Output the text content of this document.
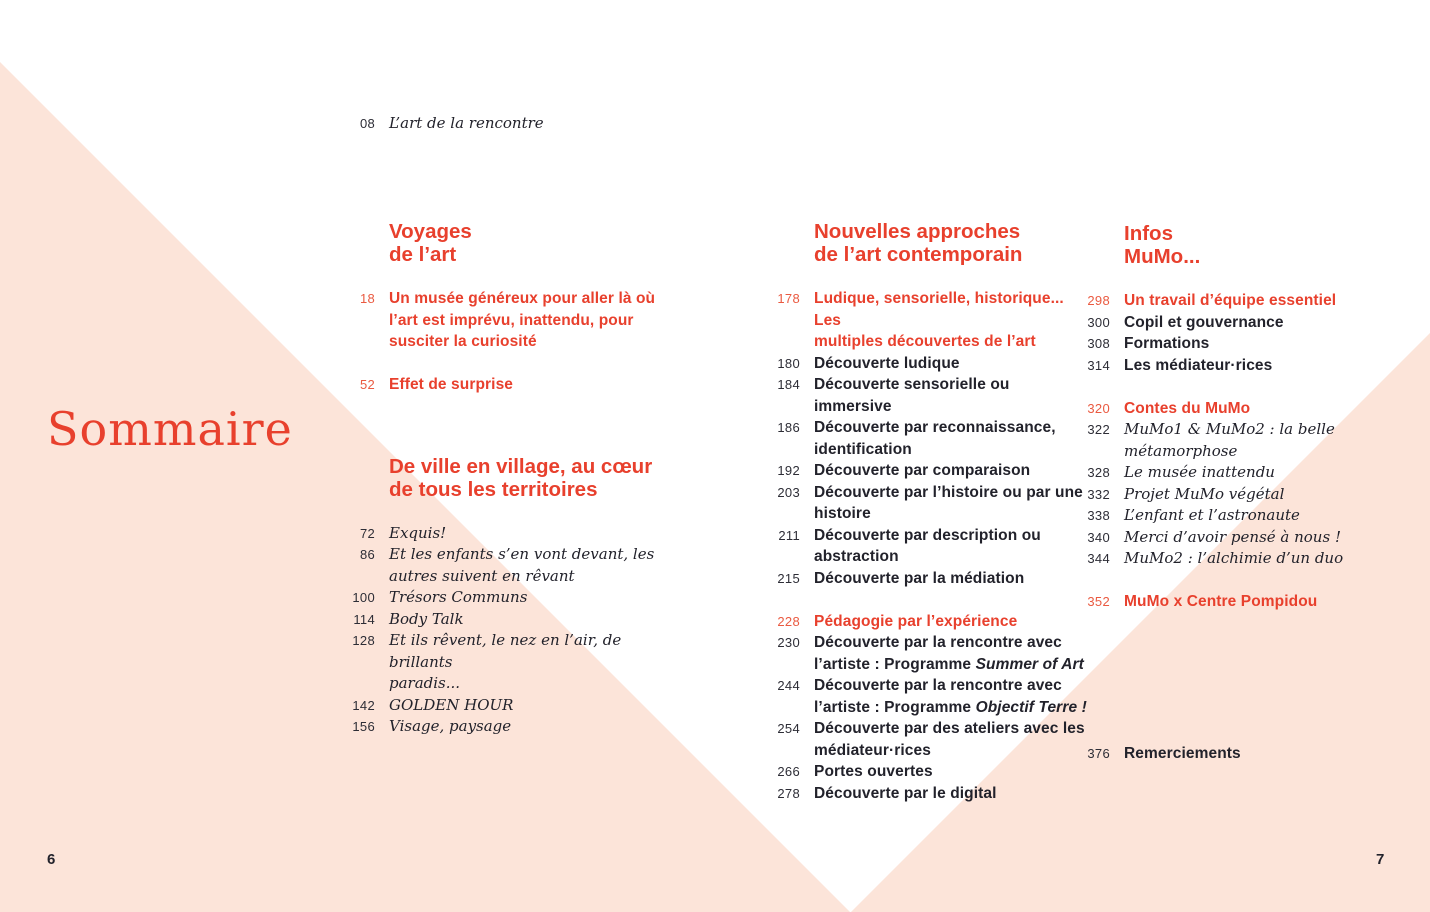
Sommaire
08 L’art de la rencontre
Voyages
de l’art
18 Un musée généreux pour aller là où
l’art est imprévu, inattendu, pour
susciter la curiosité
52 Effet de surprise
De ville en village, au cœur
de tous les territoires
72 Exquis!
86 Et les enfants s’en vont devant, les
autres suivent en rêvant
100 Trésors Communs
114 Body Talk
128 Et ils rêvent, le nez en l’air, de brillants
paradis...
142 GOLDEN HOUR
156 Visage, paysage
Nouvelles approches
de l’art contemporain
178 Ludique, sensorielle, historique... Les
multiples découvertes de l’art
180 Découverte ludique
184 Découverte sensorielle ou immersive
186 Découverte par reconnaissance,
identification
192 Découverte par comparaison
203 Découverte par l’histoire ou par une
histoire
211 Découverte par description ou
abstraction
215 Découverte par la médiation
228 Pédagogie par l’expérience
230 Découverte par la rencontre avec
l’artiste : Programme Summer of Art
244 Découverte par la rencontre avec
l’artiste : Programme Objectif Terre !
254 Découverte par des ateliers avec les
médiateur·rices
266 Portes ouvertes
278 Découverte par le digital
Infos
MuMo...
298 Un travail d’équipe essentiel
300 Copil et gouvernance
308 Formations
314 Les médiateur·rices
320 Contes du MuMo
322 MuMo1 & MuMo2 : la belle
métamorphose
328 Le musée inattendu
332 Projet MuMo végétal
338 L’enfant et l’astronaute
340 Merci d’avoir pensé à nous !
344 MuMo2 : l’alchimie d’un duo
352 MuMo x Centre Pompidou
376 Remerciements
6	7
